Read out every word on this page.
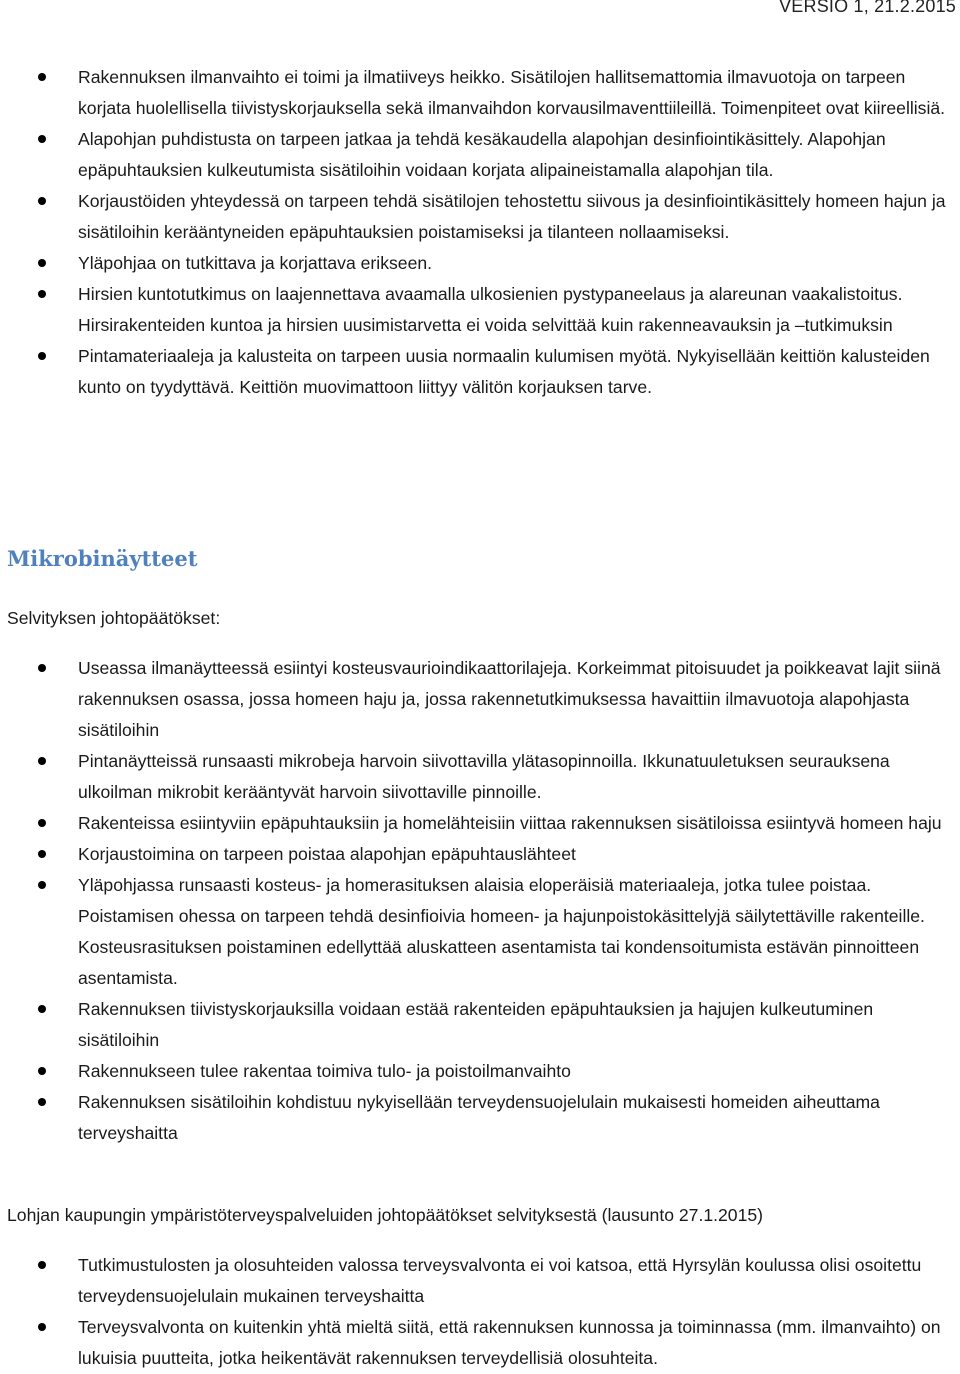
VERSIO 1, 21.2.2015
Rakennuksen ilmanvaihto ei toimi ja ilmatiiveys heikko. Sisätilojen hallitsemattomia ilmavuotoja on tarpeen korjata huolellisella tiivistyskorjauksella sekä ilmanvaihdon korvausilmaventtiileillä. Toimenpiteet ovat kiireellisiä.
Alapohjan puhdistusta on tarpeen jatkaa ja tehdä kesäkaudella alapohjan desinfiointikäsittely. Alapohjan epäpuhtauksien kulkeutumista sisätiloihin voidaan korjata alipaineistamalla alapohjan tila.
Korjaustöiden yhteydessä on tarpeen tehdä sisätilojen tehostettu siivous ja desinfiointikäsittely homeen hajun ja sisätiloihin kerääntyneiden epäpuhtauksien poistamiseksi ja tilanteen nollaamiseksi.
Yläpohjaa on tutkittava ja korjattava erikseen.
Hirsien kuntotutkimus on laajennettava avaamalla ulkosienien pystypaneelaus ja alareunan vaakalistoitus. Hirsirakenteiden kuntoa ja hirsien uusimistarvetta ei voida selvittää kuin rakenneavauksin ja –tutkimuksin
Pintamateriaaleja ja kalusteita on tarpeen uusia normaalin kulumisen myötä. Nykyisellään keittiön kalusteiden kunto on tyydyttävä. Keittiön muovimattoon liittyy välitön korjauksen tarve.
Mikrobinäytteet
Selvityksen johtopäätökset:
Useassa ilmanäytteessä esiintyi kosteusvaurioindikaattorilajeja. Korkeimmat pitoisuudet ja poikkeavat lajit siinä rakennuksen osassa, jossa homeen haju ja, jossa rakennetutkimuksessa havaittiin ilmavuotoja alapohjasta sisätiloihin
Pintanäytteissä runsaasti mikrobeja harvoin siivottavilla ylätasopinnoilla. Ikkunatuuletuksen seurauksena ulkoilman mikrobit kerääntyvät harvoin siivottaville pinnoille.
Rakenteissa esiintyviin epäpuhtauksiin ja homelähteisiin viittaa rakennuksen sisätiloissa esiintyvä homeen haju
Korjaustoimina on tarpeen poistaa alapohjan epäpuhtauslähteet
Yläpohjassa runsaasti kosteus- ja homerasituksen alaisia eloperäisiä materiaaleja, jotka tulee poistaa. Poistamisen ohessa on tarpeen tehdä desinfioivia homeen- ja hajunpoistokäsittelyjä säilytettäville rakenteille. Kosteusrasituksen poistaminen edellyttää aluskatteen asentamista tai kondensoitumista estävän pinnoitteen asentamista.
Rakennuksen tiivistyskorjauksilla voidaan estää rakenteiden epäpuhtauksien ja hajujen kulkeutuminen sisätiloihin
Rakennukseen tulee rakentaa toimiva tulo- ja poistoilmanvaihto
Rakennuksen sisätiloihin kohdistuu nykyisellään terveydensuojelulain mukaisesti homeiden aiheuttama terveyshaitta
Lohjan kaupungin ympäristöterveyspalveluiden johtopäätökset selvityksestä (lausunto 27.1.2015)
Tutkimustulosten ja olosuhteiden valossa terveysvalvonta ei voi katsoa, että Hyrsylän koulussa olisi osoitettu terveydensuojelulain mukainen terveyshaitta
Terveysvalvonta on kuitenkin yhtä mieltä siitä, että rakennuksen kunnossa ja toiminnassa (mm. ilmanvaihto) on lukuisia puutteita, jotka heikentävät rakennuksen terveydellisiä olosuhteita.
